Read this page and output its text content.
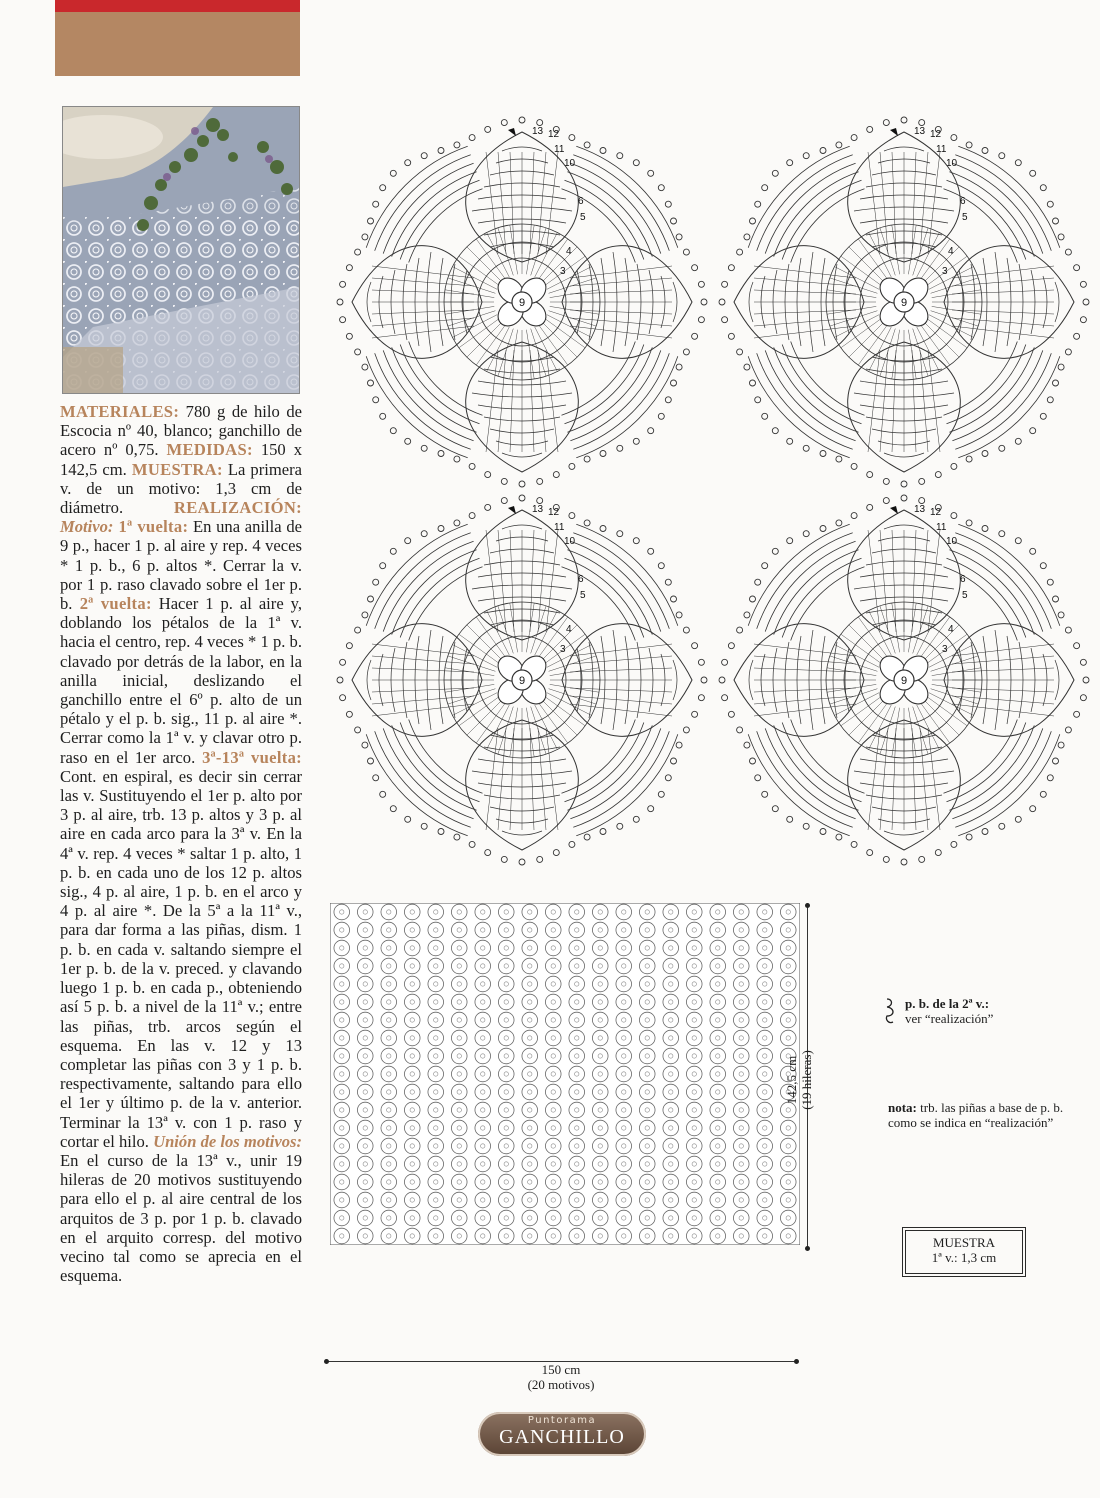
MATERIALES: 780 g de hilo de Escocia nº 40, blanco; ganchillo de acero nº 0,75. MEDIDAS: 150 x 142,5 cm. MUESTRA: La primera v. de un motivo: 1,3 cm de diámetro.	REALIZACIÓN: Motivo: 1ª vuelta: En una anilla de 9 p., hacer 1 p. al aire y rep. 4 veces * 1 p. b., 6 p. altos *. Cerrar la v. por 1 p. raso clavado sobre el 1er p. b. 2ª vuelta: Hacer 1 p. al aire y, doblando los pétalos de la 1ª v. hacia el centro, rep. 4 veces * 1 p. b. clavado por detrás de la labor, en la anilla inicial, deslizando el ganchillo entre el 6º p. alto de un pétalo y el p. b. sig., 11 p. al aire *. Cerrar como la 1ª v. y clavar otro p. raso en el 1er arco. 3ª-13ª vuelta: Cont. en espiral, es decir sin cerrar las v. Sustituyendo el 1er p. alto por 3 p. al aire, trb. 13 p. altos y 3 p. al aire en cada arco para la 3ª v. En la 4ª v. rep. 4 veces * saltar 1 p. alto, 1 p. b. en cada uno de los 12 p. altos sig., 4 p. al aire, 1 p. b. en el arco y 4 p. al aire *. De la 5ª a la 11ª v., para dar forma a las piñas, dism. 1 p. b. en cada v. saltando siempre el 1er p. b. de la v. preced. y clavando luego 1 p. b. en cada p., obteniendo así 5 p. b. a nivel de la 11ª v.; entre las piñas, trb. arcos según el esquema. En las v. 12 y 13 completar las piñas con 3 y 1 p. b. respectivamente, saltando para ello el 1er y último p. de la v. anterior. Terminar la 13ª v. con 1 p. raso y cortar el hilo. Unión de los motivos: En el curso de la 13ª v., unir 19 hileras de 20 motivos sustituyendo para ello el p. al aire central de los arquitos de 3 p. por 1 p. b. clavado en el arquito corresp. del motivo vecino tal como se aprecia en el esquema.
9
13 12
11
10
6
5
4
3
9
13 12
11
10
6
5
4
3
9
13 12
11
10
6
5
4
3
9
13 12
11
10
6
5
4
3
142,5 cm (19 hileras)
150 cm
(20 motivos)
p. b. de la 2ª v.:
ver “realización”
nota: trb. las piñas a base de p. b. como se indica en “realización”
MUESTRA
1ª v.: 1,3 cm
Puntorama
GANCHILLO
